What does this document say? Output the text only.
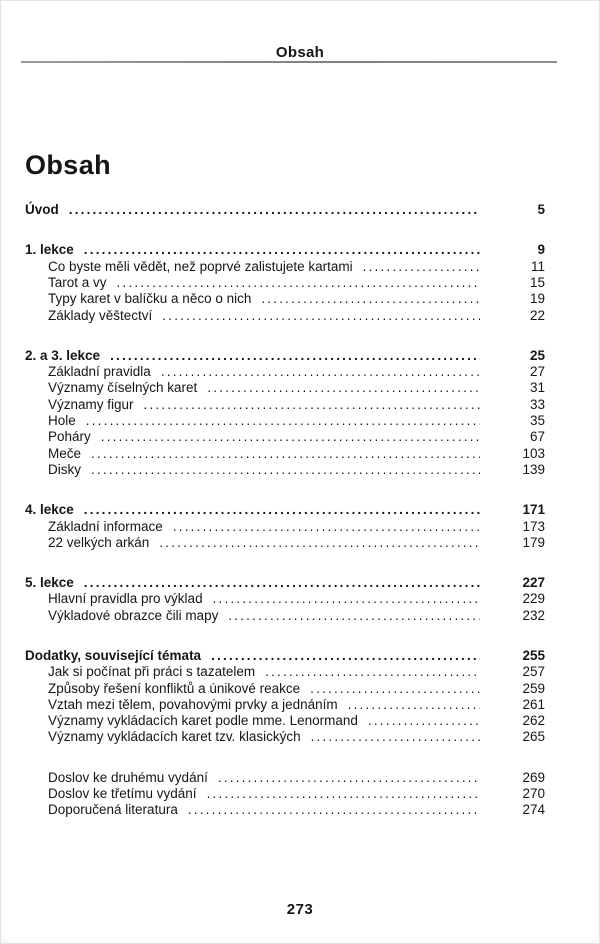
Obsah
Obsah
Úvod .....	5
1. lekce .....	9
Co byste měli vědět, než poprvé zalistujete kartami .....	11
Tarot a vy .....	15
Typy karet v balíčku a něco o nich .....	19
Základy věštectví .....	22
2. a 3. lekce .....	25
Základní pravidla .....	27
Významy číselných karet .....	31
Významy figur .....	33
Hole .....	35
Poháry .....	67
Meče .....	103
Disky .....	139
4. lekce .....	171
Základní informace .....	173
22 velkých arkán .....	179
5. lekce .....	227
Hlavní pravidla pro výklad .....	229
Výkladové obrazce čili mapy .....	232
Dodatky, související témata .....	255
Jak si počínat při práci s tazatelem .....	257
Způsoby řešení konfliktů a únikové reakce .....	259
Vztah mezi tělem, povahovými prvky a jednáním .....	261
Významy vykládacích karet podle mme. Lenormand .....	262
Významy vykládacích karet tzv. klasických .....	265
Doslov ke druhému vydání .....	269
Doslov ke třetímu vydání .....	270
Doporučená literatura .....	274
273
